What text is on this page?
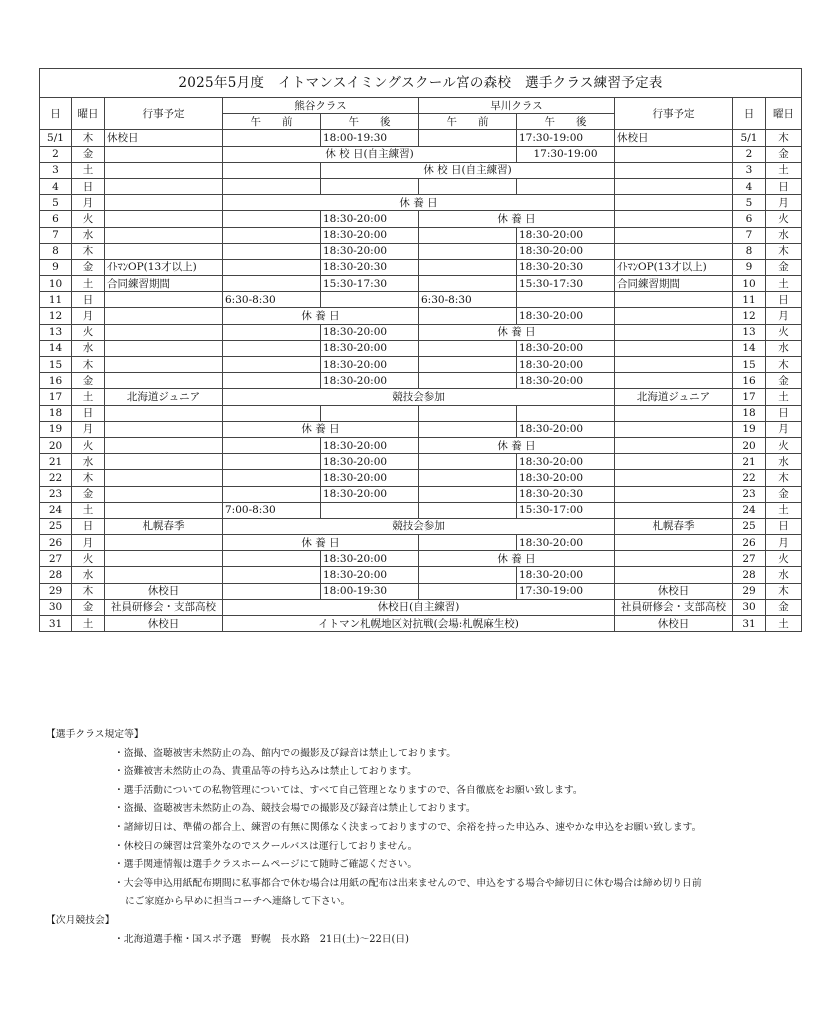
2025年5月度　イトマンスイミングスクール宮の森校　選手クラス練習予定表									
日	曜日	行事予定	熊谷クラス		早川クラス		行事予定	日	曜日
			午　　前	午　　後	午　　前	午　　後			
5/1	木	休校日		18:00-19:30		17:30-19:00	休校日	5/1	木
2	金		休 校 日(自主練習)			17:30-19:00		2	金
3	土			休 校 日(自主練習)				3	土
4	日							4	日
5	月		休 養 日					5	月
6	火			18:30-20:00	休 養 日			6	火
7	水			18:30-20:00		18:30-20:00		7	水
8	木			18:30-20:00		18:30-20:00		8	木
9	金	ｲﾄﾏﾝOP(13才以上)		18:30-20:30		18:30-20:30	ｲﾄﾏﾝOP(13才以上)	9	金
10	土	合同練習期間		15:30-17:30		15:30-17:30	合同練習期間	10	土
11	日		6:30-8:30		6:30-8:30			11	日
12	月		休 養 日			18:30-20:00		12	月
13	火			18:30-20:00	休 養 日			13	火
14	水			18:30-20:00		18:30-20:00		14	水
15	木			18:30-20:00		18:30-20:00		15	木
16	金			18:30-20:00		18:30-20:00		16	金
17	土	北海道ジュニア	競技会参加				北海道ジュニア	17	土
18	日							18	日
19	月		休 養 日			18:30-20:00		19	月
20	火			18:30-20:00	休 養 日			20	火
21	水			18:30-20:00		18:30-20:00		21	水
22	木			18:30-20:00		18:30-20:00		22	木
23	金			18:30-20:00		18:30-20:30		23	金
24	土		7:00-8:30			15:30-17:00		24	土
25	日	札幌春季	競技会参加				札幌春季	25	日
26	月		休 養 日			18:30-20:00		26	月
27	火			18:30-20:00	休 養 日			27	火
28	水			18:30-20:00		18:30-20:00		28	水
29	木	休校日		18:00-19:30		17:30-19:00	休校日	29	木
30	金	社員研修会・支部高校	休校日(自主練習)				社員研修会・支部高校	30	金
31	土	休校日	イトマン札幌地区対抗戦(会場:札幌麻生校)				休校日	31	土
【選手クラス規定等】
・盗撮、盗聴被害未然防止の為、館内での撮影及び録音は禁止しております。
・盗難被害未然防止の為、貴重品等の持ち込みは禁止しております。
・選手活動についての私物管理については、すべて自己管理となりますので、各自徹底をお願い致します。
・盗撮、盗聴被害未然防止の為、競技会場での撮影及び録音は禁止しております。
・諸締切日は、準備の都合上、練習の有無に関係なく決まっておりますので、余裕を持った申込み、速やかな申込をお願い致します。
・休校日の練習は営業外なのでスクールバスは運行しておりません。
・選手関連情報は選手クラスホームページにて随時ご確認ください。
・大会等申込用紙配布期間に私事都合で休む場合は用紙の配布は出来ませんので、申込をする場合や締切日に休む場合は締め切り日前
にご家庭から早めに担当コーチへ連絡して下さい。
【次月競技会】
・北海道選手権・国スポ予選　野幌　長水路　21日(土)～22日(日)
